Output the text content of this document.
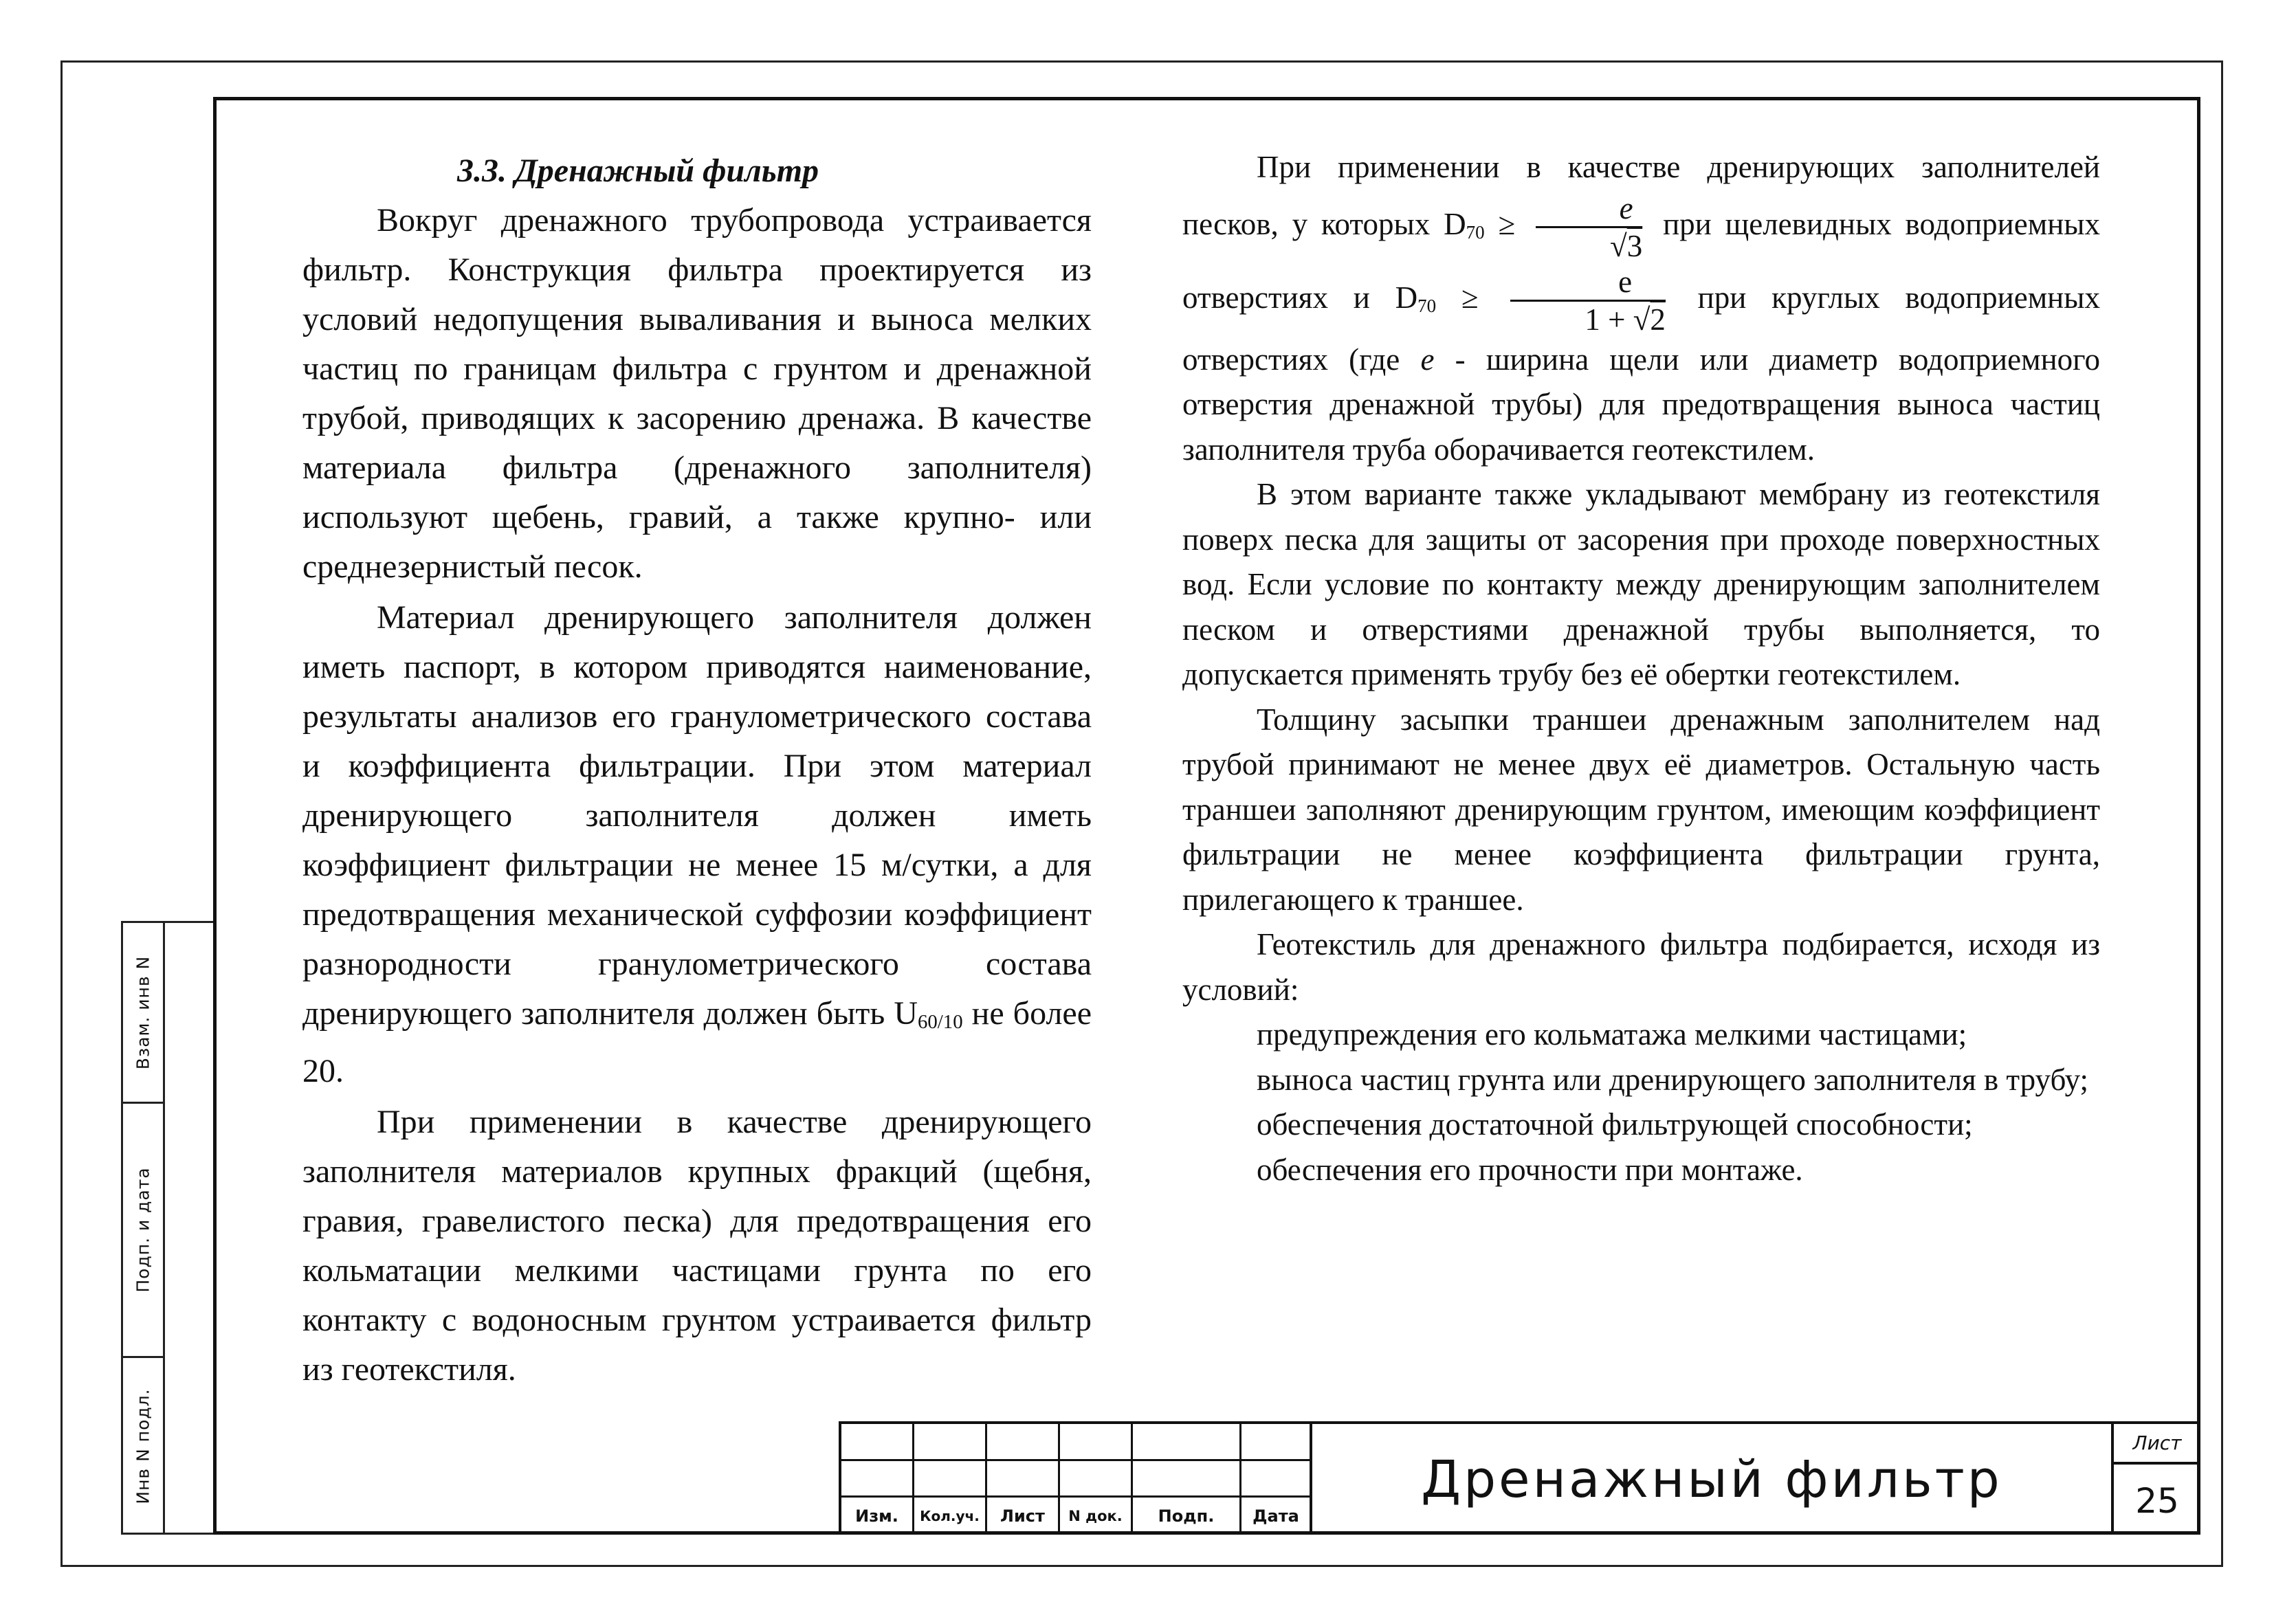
Взам. инв N
Подп. и дата
Инв N подл.

3.3. Дренажный фильтр

Вокруг дренажного трубопровода устраивается фильтр. Конструкция фильтра проектируется из условий недопущения вываливания и выноса мелких частиц по границам фильтра с грунтом и дренажной трубой, приводящих к засорению дренажа. В качестве материала фильтра (дренажного заполнителя) используют щебень, гравий, а также крупно- или среднезернистый песок.

Материал дренирующего заполнителя должен иметь паспорт, в котором приводятся наименование, результаты анализов его гранулометрического состава и коэффициента фильтрации. При этом материал дренирующего заполнителя должен иметь коэффициент фильтрации не менее 15 м/сутки, а для предотвращения механической суффозии коэффициент разнородности гранулометрического состава дренирующего заполнителя должен быть $U_{60/10}$ не более 20.

При применении в качестве дренирующего заполнителя материалов крупных фракций (щебня, гравия, гравелистого песка) для предотвращения его кольматации мелкими частицами грунта по его контакту с водоносным грунтом устраивается фильтр из геотекстиля.

При применении в качестве дренирующих заполнителей песков, у которых $D_{70} \ge \frac{e}{√3}$ при щелевидных водоприемных отверстиях и $D_{70} \ge \frac{e}{1 + √2}$ при круглых водоприемных отверстиях (где e - ширина щели или диаметр водоприемного отверстия дренажной трубы) для предотвращения выноса частиц заполнителя труба оборачивается геотекстилем.

В этом варианте также укладывают мембрану из геотекстиля поверх песка для защиты от засорения при проходе поверхностных вод. Если условие по контакту между дренирующим заполнителем песком и отверстиями дренажной трубы выполняется, то допускается применять трубу без её обертки геотекстилем.

Толщину засыпки траншеи дренажным заполнителем над трубой принимают не менее двух её диаметров. Остальную часть траншеи заполняют дренирующим грунтом, имеющим коэффициент фильтрации не менее коэффициента фильтрации грунта, прилегающего к траншее.

Геотекстиль для дренажного фильтра подбирается, исходя из условий:

предупреждения его кольматажа мелкими частицами;

выноса частиц грунта или дренирующего заполнителя в трубу;

обеспечения достаточной фильтрующей способности;

обеспечения его прочности при монтаже.

Изм.	Кол.уч.	Лист	N док.	Подп.	Дата
Дренажный фильтр
Лист
25
